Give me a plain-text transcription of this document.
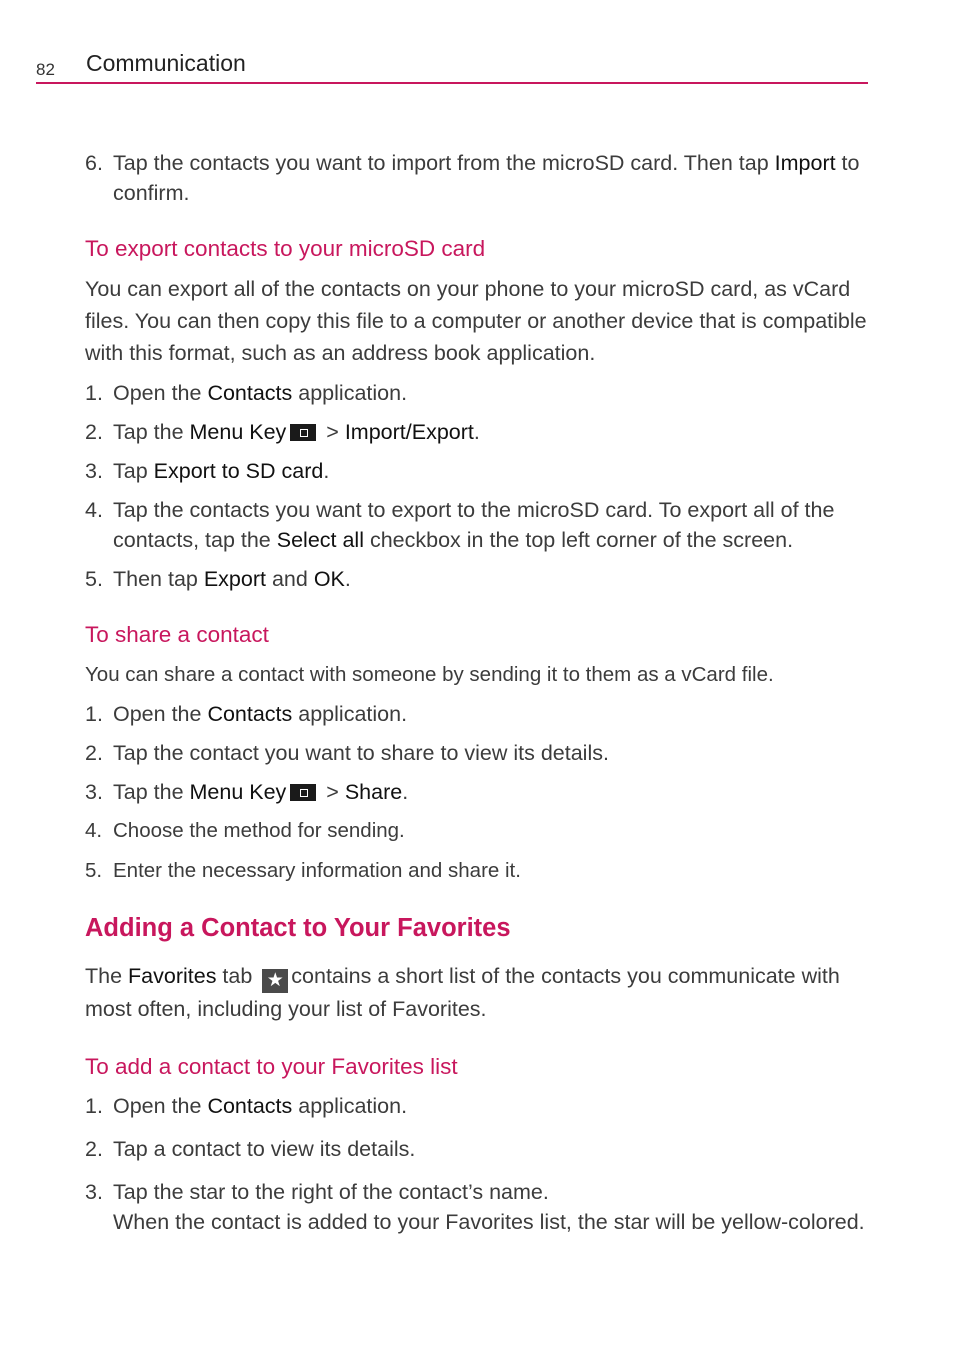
82 Communication
6. Tap the contacts you want to import from the microSD card. Then tap Import to confirm.
To export contacts to your microSD card
You can export all of the contacts on your phone to your microSD card, as vCard files. You can then copy this file to a computer or another device that is compatible with this format, such as an address book application.
1. Open the Contacts application.
2. Tap the Menu Key > Import/Export.
3. Tap Export to SD card.
4. Tap the contacts you want to export to the microSD card. To export all of the contacts, tap the Select all checkbox in the top left corner of the screen.
5. Then tap Export and OK.
To share a contact
You can share a contact with someone by sending it to them as a vCard file.
1. Open the Contacts application.
2. Tap the contact you want to share to view its details.
3. Tap the Menu Key > Share.
4. Choose the method for sending.
5. Enter the necessary information and share it.
Adding a Contact to Your Favorites
The Favorites tab ★ contains a short list of the contacts you communicate with most often, including your list of Favorites.
To add a contact to your Favorites list
1. Open the Contacts application.
2. Tap a contact to view its details.
3. Tap the star to the right of the contact’s name.
When the contact is added to your Favorites list, the star will be yellow-colored.
